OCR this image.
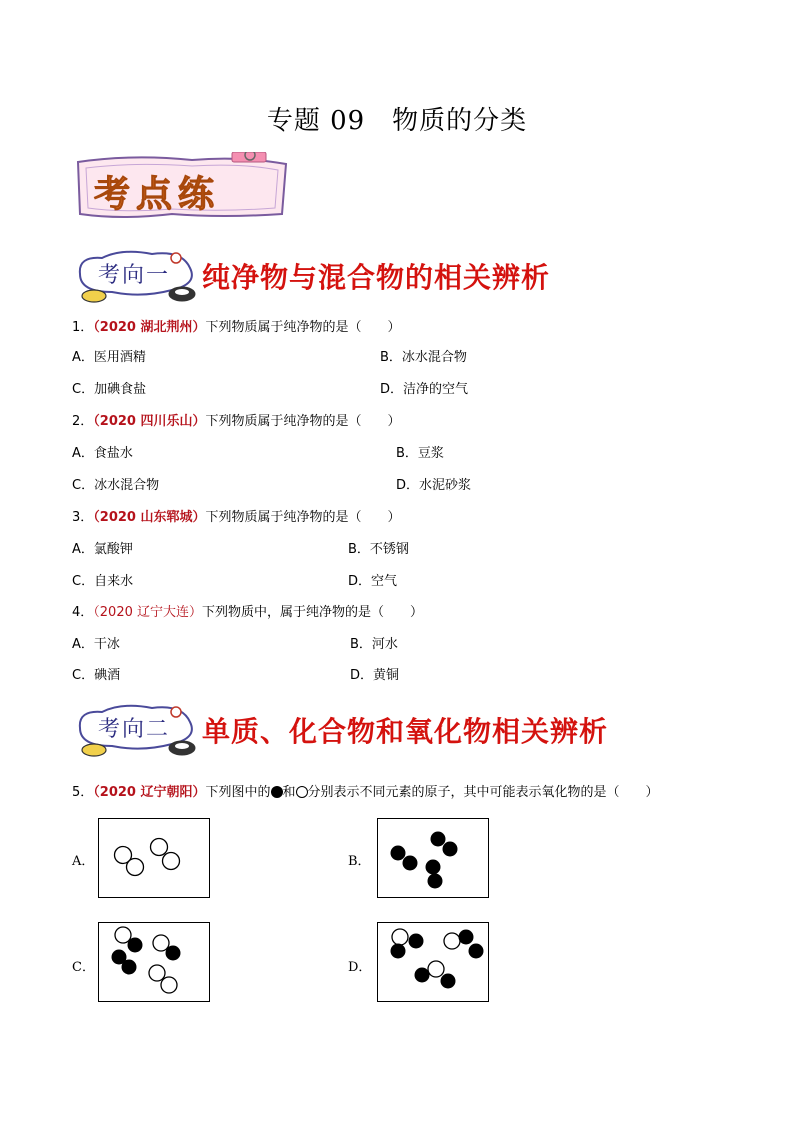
专题 09　物质的分类
考点练
考向一 纯净物与混合物的相关辨析
1．（2020 湖北荆州）下列物质属于纯净物的是（　　）
A．医用酒精	B．冰水混合物
C．加碘食盐	D．洁净的空气
2．（2020 四川乐山）下列物质属于纯净物的是（　　）
A．食盐水	B．豆浆
C．冰水混合物	D．水泥砂浆
3．（2020 山东郓城）下列物质属于纯净物的是（　　）
A．氯酸钾	B．不锈钢
C．自来水	D．空气
4．（2020 辽宁大连）下列物质中，属于纯净物的是（　　）
A．干冰	B．河水
C．碘酒	D．黄铜
考向二 单质、化合物和氧化物相关辨析
5．（2020 辽宁朝阳）下列图中的 和 分别表示不同元素的原子，其中可能表示氧化物的是（　　）
A．	B．
C．	D．
